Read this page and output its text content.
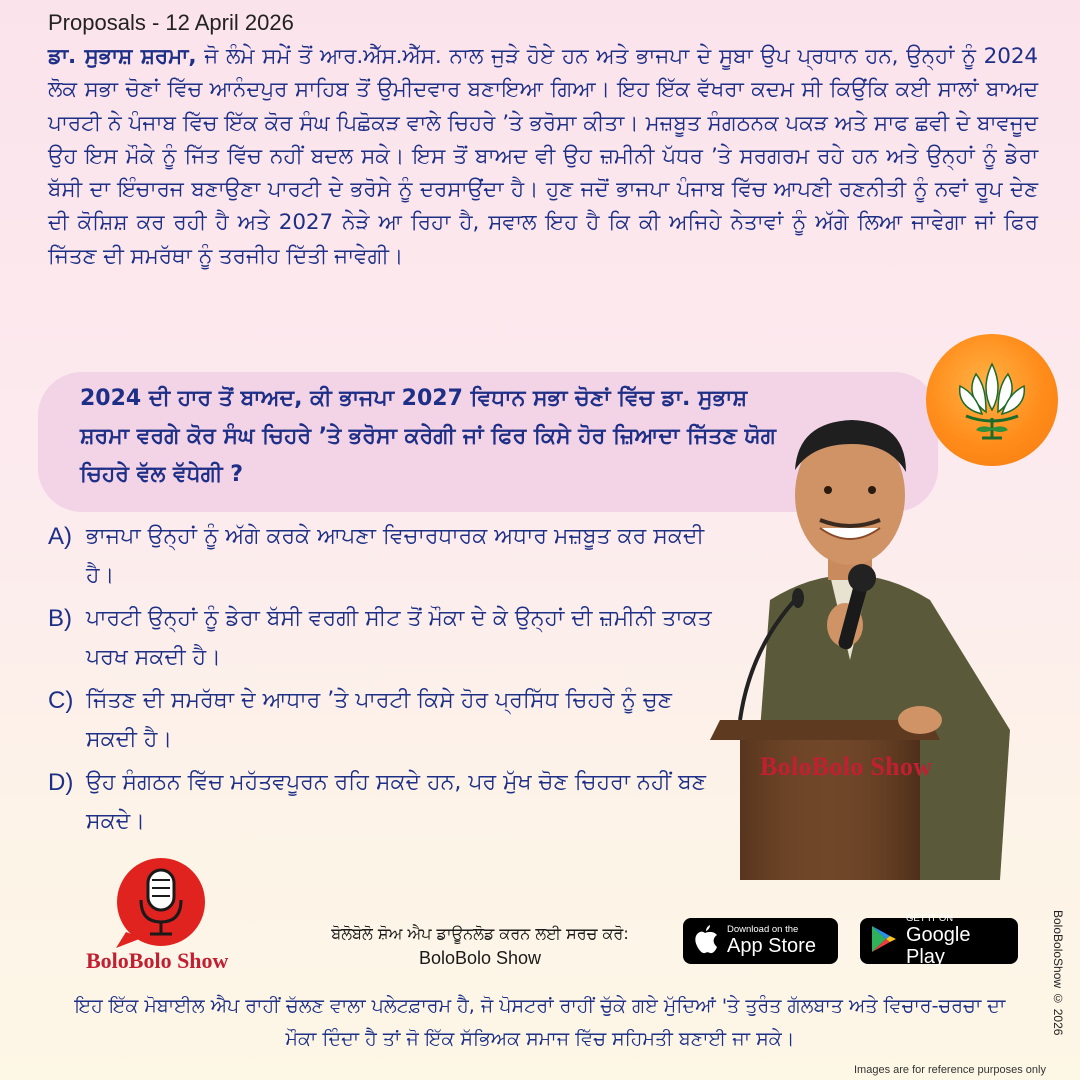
Proposals - 12 April 2026

ਡਾ. ਸੁਭਾਸ਼ ਸ਼ਰਮਾ, ਜੋ ਲੰਮੇ ਸਮੇਂ ਤੋਂ ਆਰ.ਐੱਸ.ਐੱਸ. ਨਾਲ ਜੁੜੇ ਹੋਏ ਹਨ ਅਤੇ ਭਾਜਪਾ ਦੇ ਸੂਬਾ ਉਪ ਪ੍ਰਧਾਨ ਹਨ, ਉਨ੍ਹਾਂ ਨੂੰ 2024 ਲੋਕ ਸਭਾ ਚੋਣਾਂ ਵਿੱਚ ਆਨੰਦਪੁਰ ਸਾਹਿਬ ਤੋਂ ਉਮੀਦਵਾਰ ਬਣਾਇਆ ਗਿਆ। ਇਹ ਇੱਕ ਵੱਖਰਾ ਕਦਮ ਸੀ ਕਿਉਂਕਿ ਕਈ ਸਾਲਾਂ ਬਾਅਦ ਪਾਰਟੀ ਨੇ ਪੰਜਾਬ ਵਿੱਚ ਇੱਕ ਕੋਰ ਸੰਘ ਪਿਛੋਕੜ ਵਾਲੇ ਚਿਹਰੇ ’ਤੇ ਭਰੋਸਾ ਕੀਤਾ। ਮਜ਼ਬੂਤ ਸੰਗਠਨਕ ਪਕੜ ਅਤੇ ਸਾਫ ਛਵੀ ਦੇ ਬਾਵਜੂਦ ਉਹ ਇਸ ਮੌਕੇ ਨੂੰ ਜਿੱਤ ਵਿੱਚ ਨਹੀਂ ਬਦਲ ਸਕੇ। ਇਸ ਤੋਂ ਬਾਅਦ ਵੀ ਉਹ ਜ਼ਮੀਨੀ ਪੱਧਰ ’ਤੇ ਸਰਗਰਮ ਰਹੇ ਹਨ ਅਤੇ ਉਨ੍ਹਾਂ ਨੂੰ ਡੇਰਾ ਬੱਸੀ ਦਾ ਇੰਚਾਰਜ ਬਣਾਉਣਾ ਪਾਰਟੀ ਦੇ ਭਰੋਸੇ ਨੂੰ ਦਰਸਾਉਂਦਾ ਹੈ। ਹੁਣ ਜਦੋਂ ਭਾਜਪਾ ਪੰਜਾਬ ਵਿੱਚ ਆਪਣੀ ਰਣਨੀਤੀ ਨੂੰ ਨਵਾਂ ਰੂਪ ਦੇਣ ਦੀ ਕੋਸ਼ਿਸ਼ ਕਰ ਰਹੀ ਹੈ ਅਤੇ 2027 ਨੇੜੇ ਆ ਰਿਹਾ ਹੈ, ਸਵਾਲ ਇਹ ਹੈ ਕਿ ਕੀ ਅਜਿਹੇ ਨੇਤਾਵਾਂ ਨੂੰ ਅੱਗੇ ਲਿਆ ਜਾਵੇਗਾ ਜਾਂ ਫਿਰ ਜਿੱਤਣ ਦੀ ਸਮਰੱਥਾ ਨੂੰ ਤਰਜੀਹ ਦਿੱਤੀ ਜਾਵੇਗੀ।

2024 ਦੀ ਹਾਰ ਤੋਂ ਬਾਅਦ, ਕੀ ਭਾਜਪਾ 2027 ਵਿਧਾਨ ਸਭਾ ਚੋਣਾਂ ਵਿੱਚ ਡਾ. ਸੁਭਾਸ਼ ਸ਼ਰਮਾ ਵਰਗੇ ਕੋਰ ਸੰਘ ਚਿਹਰੇ ’ਤੇ ਭਰੋਸਾ ਕਰੇਗੀ ਜਾਂ ਫਿਰ ਕਿਸੇ ਹੋਰ ਜ਼ਿਆਦਾ ਜਿੱਤਣ ਯੋਗ ਚਿਹਰੇ ਵੱਲ ਵੱਧੇਗੀ ?

A) ਭਾਜਪਾ ਉਨ੍ਹਾਂ ਨੂੰ ਅੱਗੇ ਕਰਕੇ ਆਪਣਾ ਵਿਚਾਰਧਾਰਕ ਅਧਾਰ ਮਜ਼ਬੂਤ ਕਰ ਸਕਦੀ ਹੈ।
B) ਪਾਰਟੀ ਉਨ੍ਹਾਂ ਨੂੰ ਡੇਰਾ ਬੱਸੀ ਵਰਗੀ ਸੀਟ ਤੋਂ ਮੌਕਾ ਦੇ ਕੇ ਉਨ੍ਹਾਂ ਦੀ ਜ਼ਮੀਨੀ ਤਾਕਤ ਪਰਖ ਸਕਦੀ ਹੈ।
C) ਜਿੱਤਣ ਦੀ ਸਮਰੱਥਾ ਦੇ ਆਧਾਰ ’ਤੇ ਪਾਰਟੀ ਕਿਸੇ ਹੋਰ ਪ੍ਰਸਿੱਧ ਚਿਹਰੇ ਨੂੰ ਚੁਣ ਸਕਦੀ ਹੈ।
D) ਉਹ ਸੰਗਠਨ ਵਿੱਚ ਮਹੱਤਵਪੂਰਨ ਰਹਿ ਸਕਦੇ ਹਨ, ਪਰ ਮੁੱਖ ਚੋਣ ਚਿਹਰਾ ਨਹੀਂ ਬਣ ਸਕਦੇ।
BoloBolo Show
BoloBolo Show
ਬੋਲੋਬੋਲੋ ਸ਼ੋਅ ਐਪ ਡਾਊਨਲੋਡ ਕਰਨ ਲਈ ਸਰਚ ਕਰੋ:
BoloBolo Show
Download on the
App Store
GET IT ON
Google Play

ਇਹ ਇੱਕ ਮੋਬਾਈਲ ਐਪ ਰਾਹੀਂ ਚੱਲਣ ਵਾਲਾ ਪਲੇਟਫ਼ਾਰਮ ਹੈ, ਜੋ ਪੋਸਟਰਾਂ ਰਾਹੀਂ ਚੁੱਕੇ ਗਏ ਮੁੱਦਿਆਂ 'ਤੇ ਤੁਰੰਤ ਗੱਲਬਾਤ ਅਤੇ ਵਿਚਾਰ-ਚਰਚਾ ਦਾ ਮੌਕਾ ਦਿੰਦਾ ਹੈ ਤਾਂ ਜੋ ਇੱਕ ਸੱਭਿਅਕ ਸਮਾਜ ਵਿੱਚ ਸਹਿਮਤੀ ਬਣਾਈ ਜਾ ਸਕੇ।

BoloBoloShow © 2026
Images are for reference purposes only
